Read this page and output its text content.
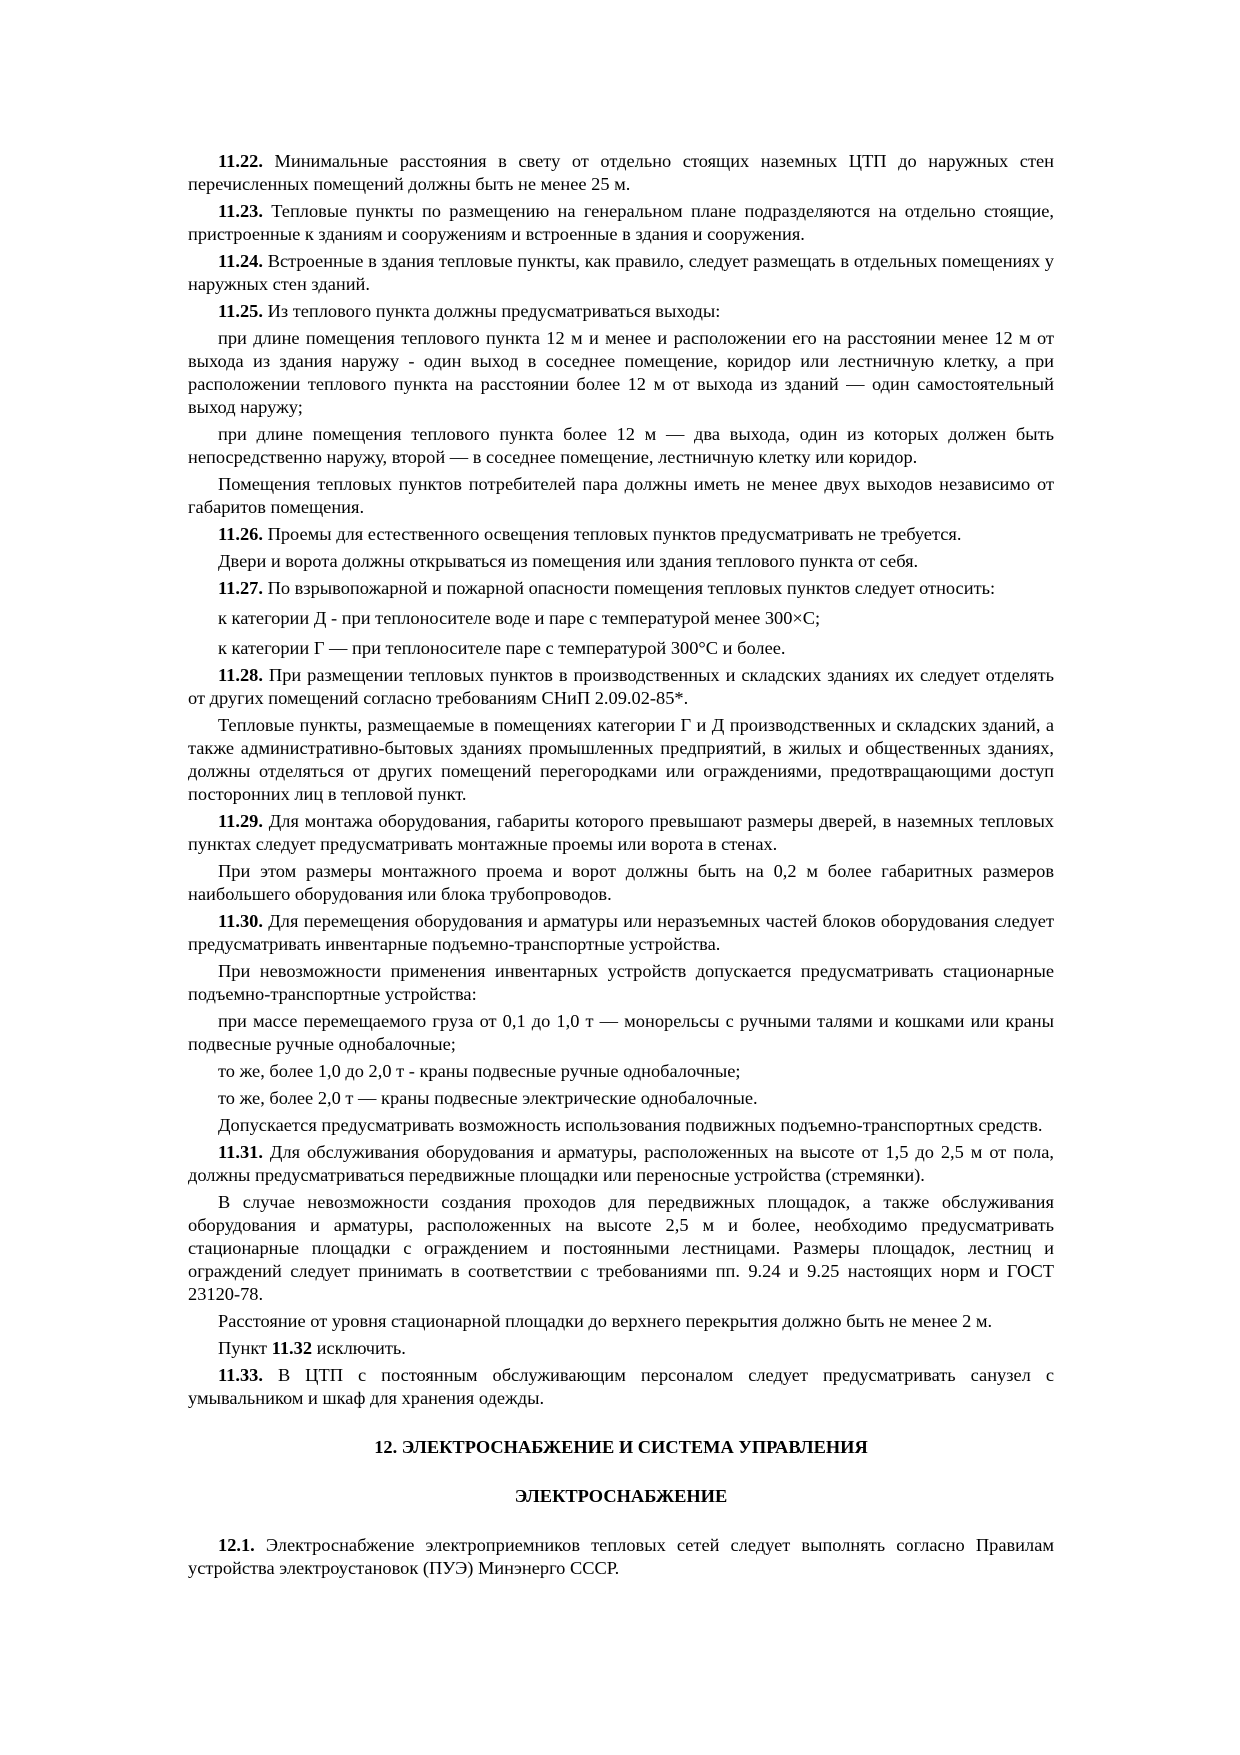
11.22. Минимальные расстояния в свету от отдельно стоящих наземных ЦТП до наружных стен перечисленных помещений должны быть не менее 25 м.

11.23. Тепловые пункты по размещению на генеральном плане подразделяются на отдельно стоящие, пристроенные к зданиям и сооружениям и встроенные в здания и сооружения.

11.24. Встроенные в здания тепловые пункты, как правило, следует размещать в отдельных помещениях у наружных стен зданий.

11.25. Из теплового пункта должны предусматриваться выходы:

при длине помещения теплового пункта 12 м и менее и расположении его на расстоянии менее 12 м от выхода из здания наружу - один выход в соседнее помещение, коридор или лестничную клетку, а при расположении теплового пункта на расстоянии более 12 м от выхода из зданий — один самостоятельный выход наружу;

при длине помещения теплового пункта более 12 м — два выхода, один из которых должен быть непосредственно наружу, второй — в соседнее помещение, лестничную клетку или коридор.

Помещения тепловых пунктов потребителей пара должны иметь не менее двух выходов независимо от габаритов помещения.

11.26. Проемы для естественного освещения тепловых пунктов предусматривать не требуется.

Двери и ворота должны открываться из помещения или здания теплового пункта от себя.

11.27. По взрывопожарной и пожарной опасности помещения тепловых пунктов следует относить:

к категории Д - при теплоносителе воде и паре с температурой менее 300×С;

к категории Г — при теплоносителе паре с температурой 300°С и более.

11.28. При размещении тепловых пунктов в производственных и складских зданиях их следует отделять от других помещений согласно требованиям СНиП 2.09.02-85*.

Тепловые пункты, размещаемые в помещениях категории Г и Д производственных и складских зданий, а также административно-бытовых зданиях промышленных предприятий, в жилых и общественных зданиях, должны отделяться от других помещений перегородками или ограждениями, предотвращающими доступ посторонних лиц в тепловой пункт.

11.29. Для монтажа оборудования, габариты которого превышают размеры дверей, в наземных тепловых пунктах следует предусматривать монтажные проемы или ворота в стенах.

При этом размеры монтажного проема и ворот должны быть на 0,2 м более габаритных размеров наибольшего оборудования или блока трубопроводов.

11.30. Для перемещения оборудования и арматуры или неразъемных частей блоков оборудования следует предусматривать инвентарные подъемно-транспортные устройства.

При невозможности применения инвентарных устройств допускается предусматривать стационарные подъемно-транспортные устройства:

при массе перемещаемого груза от 0,1 до 1,0 т — монорельсы с ручными талями и кошками или краны подвесные ручные однобалочные;

то же, более 1,0 до 2,0 т - краны подвесные ручные однобалочные;

то же, более 2,0 т — краны подвесные электрические однобалочные.

Допускается предусматривать возможность использования подвижных подъемно-транспортных средств.

11.31. Для обслуживания оборудования и арматуры, расположенных на высоте от 1,5 до 2,5 м от пола, должны предусматриваться передвижные площадки или переносные устройства (стремянки).

В случае невозможности создания проходов для передвижных площадок, а также обслуживания оборудования и арматуры, расположенных на высоте 2,5 м и более, необходимо предусматривать стационарные площадки с ограждением и постоянными лестницами. Размеры площадок, лестниц и ограждений следует принимать в соответствии с требованиями пп. 9.24 и 9.25 настоящих норм и ГОСТ 23120-78.

Расстояние от уровня стационарной площадки до верхнего перекрытия должно быть не менее 2 м.

Пункт 11.32 исключить.

11.33. В ЦТП с постоянным обслуживающим персоналом следует предусматривать санузел с умывальником и шкаф для хранения одежды.

12. ЭЛЕКТРОСНАБЖЕНИЕ И СИСТЕМА УПРАВЛЕНИЯ
ЭЛЕКТРОСНАБЖЕНИЕ

12.1. Электроснабжение электроприемников тепловых сетей следует выполнять согласно Правилам устройства электроустановок (ПУЭ) Минэнерго СССР.
